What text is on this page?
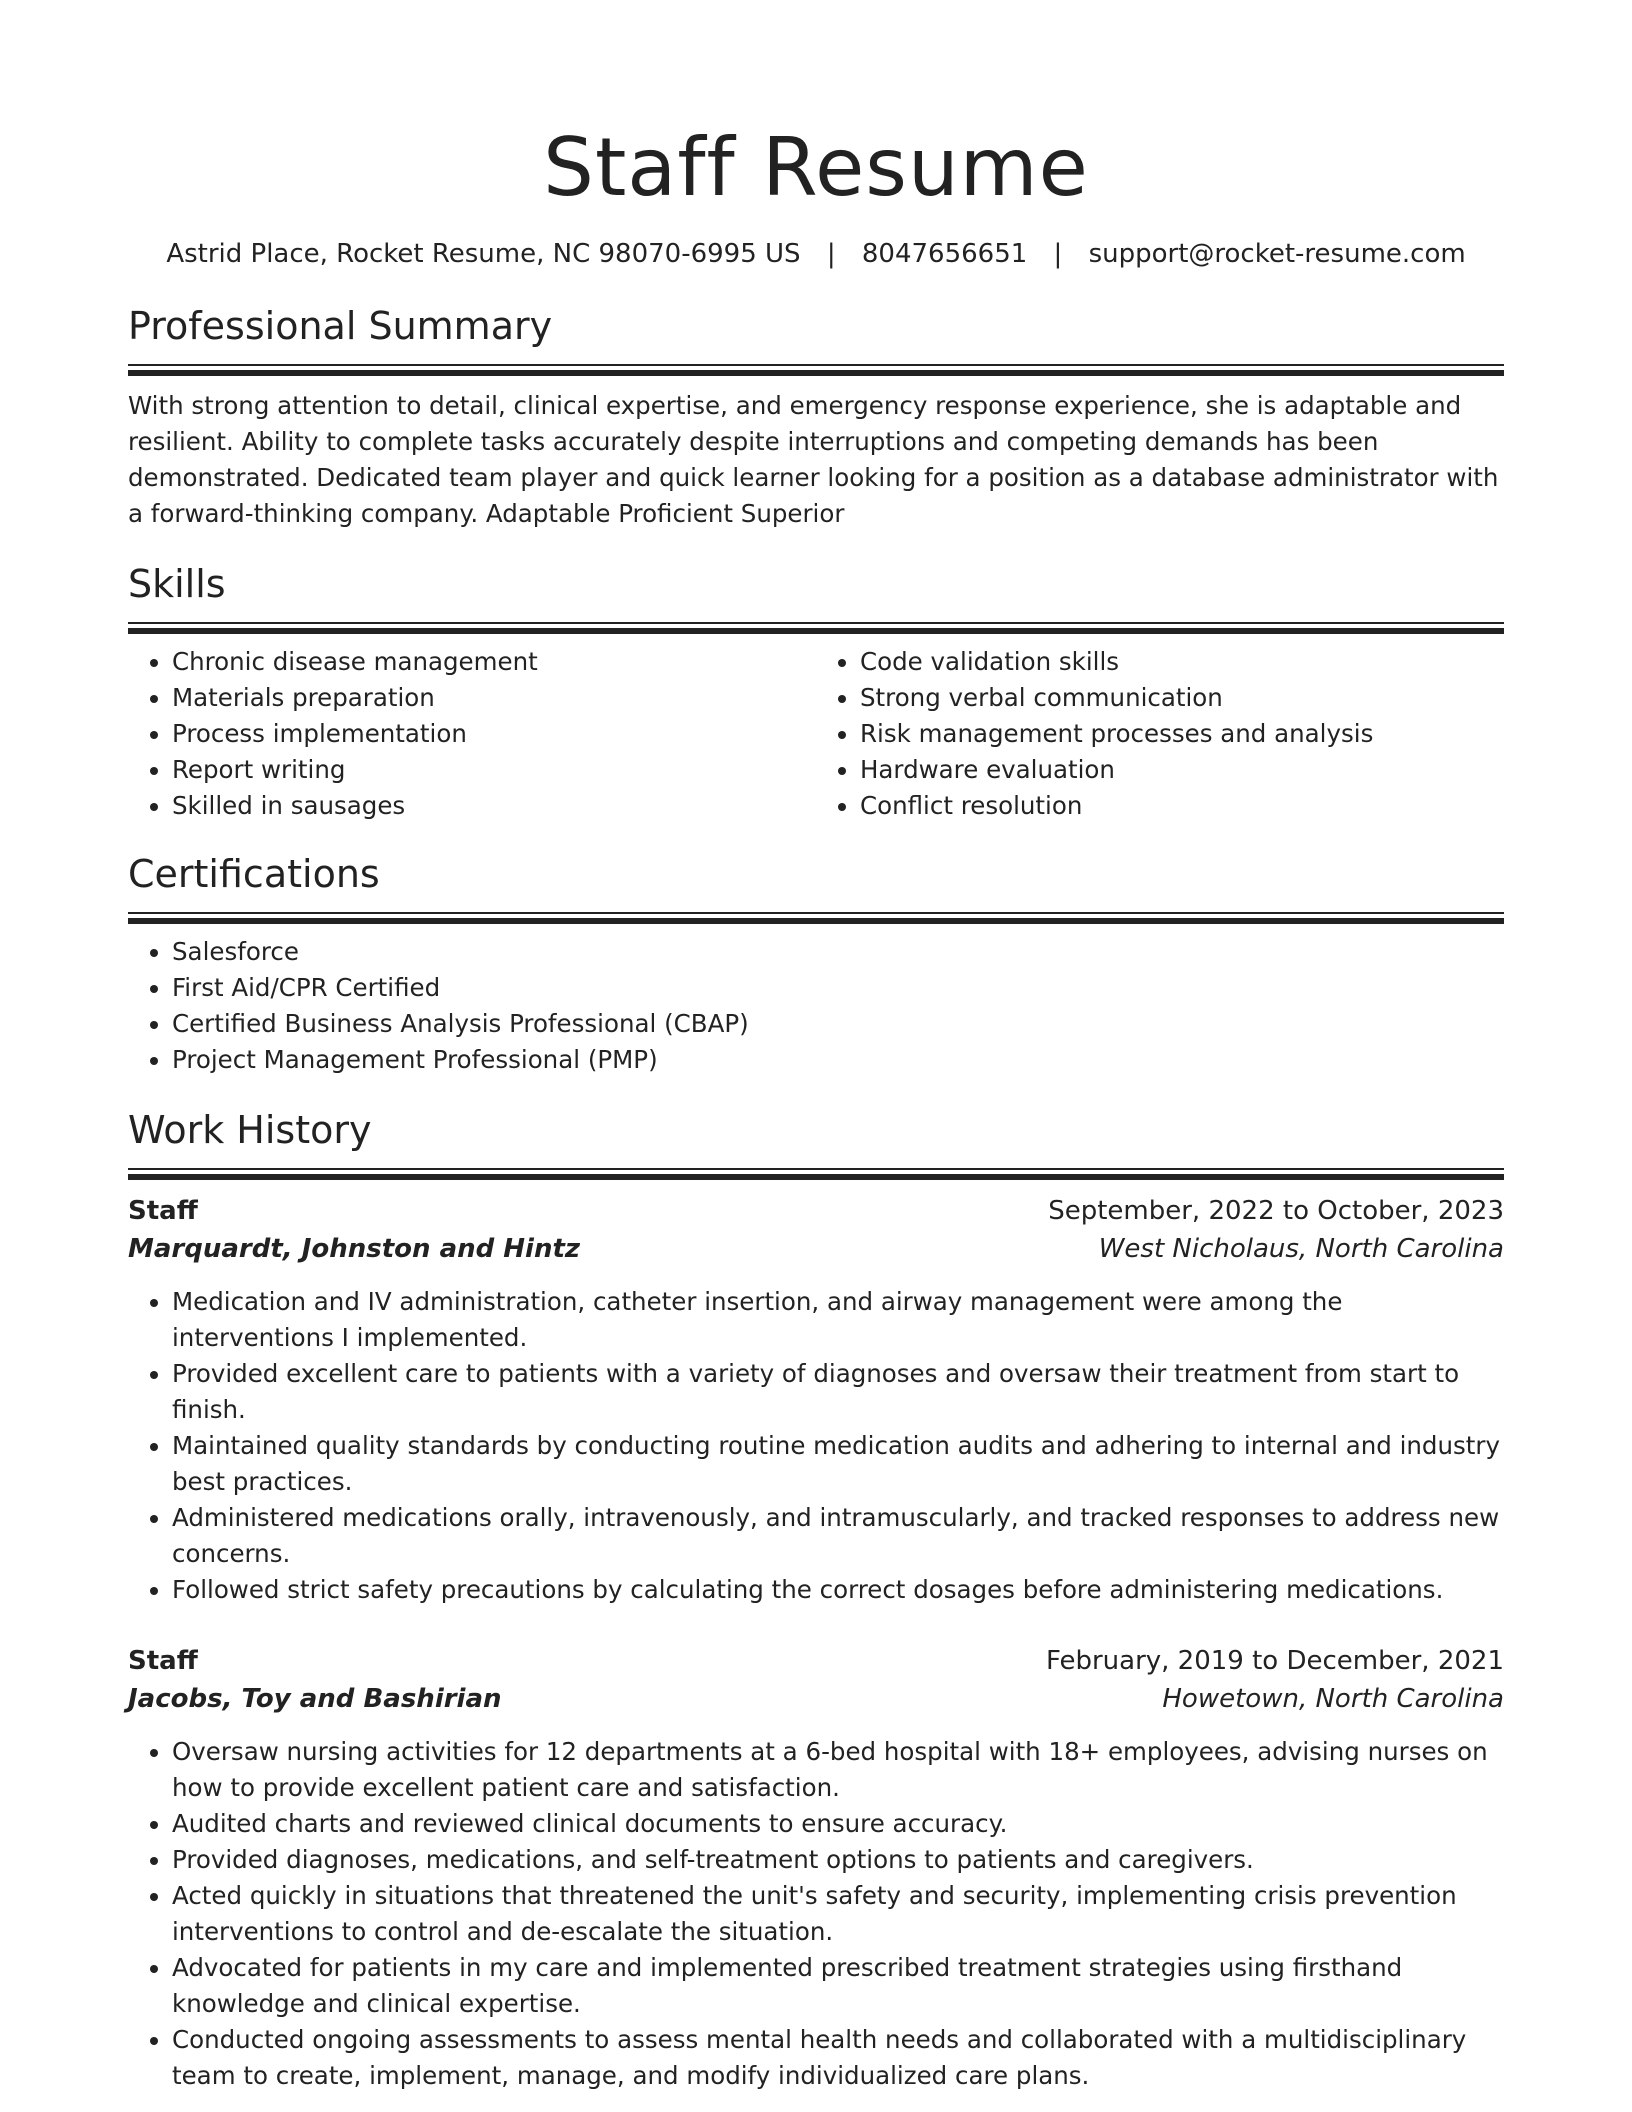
Staff Resume
Astrid Place, Rocket Resume, NC 98070-6995 US | 8047656651 | support@rocket-resume.com
Professional Summary

With strong attention to detail, clinical expertise, and emergency response experience, she is adaptable and resilient. Ability to complete tasks accurately despite interruptions and competing demands has been demonstrated. Dedicated team player and quick learner looking for a position as a database administrator with a forward-thinking company. Adaptable Proficient Superior

Skills
• Chronic disease management
• Materials preparation
• Process implementation
• Report writing
• Skilled in sausages
• Code validation skills
• Strong verbal communication
• Risk management processes and analysis
• Hardware evaluation
• Conflict resolution
Certifications
• Salesforce
• First Aid/CPR Certified
• Certified Business Analysis Professional (CBAP)
• Project Management Professional (PMP)
Work History
Staff	September, 2022 to October, 2023
Marquardt, Johnston and Hintz	West Nicholaus, North Carolina
• Medication and IV administration, catheter insertion, and airway management were among the interventions I implemented.
• Provided excellent care to patients with a variety of diagnoses and oversaw their treatment from start to finish.
• Maintained quality standards by conducting routine medication audits and adhering to internal and industry best practices.
• Administered medications orally, intravenously, and intramuscularly, and tracked responses to address new concerns.
• Followed strict safety precautions by calculating the correct dosages before administering medications.
Staff	February, 2019 to December, 2021
Jacobs, Toy and Bashirian	Howetown, North Carolina
• Oversaw nursing activities for 12 departments at a 6-bed hospital with 18+ employees, advising nurses on how to provide excellent patient care and satisfaction.
• Audited charts and reviewed clinical documents to ensure accuracy.
• Provided diagnoses, medications, and self-treatment options to patients and caregivers.
• Acted quickly in situations that threatened the unit's safety and security, implementing crisis prevention interventions to control and de-escalate the situation.
• Advocated for patients in my care and implemented prescribed treatment strategies using firsthand knowledge and clinical expertise.
• Conducted ongoing assessments to assess mental health needs and collaborated with a multidisciplinary team to create, implement, manage, and modify individualized care plans.
